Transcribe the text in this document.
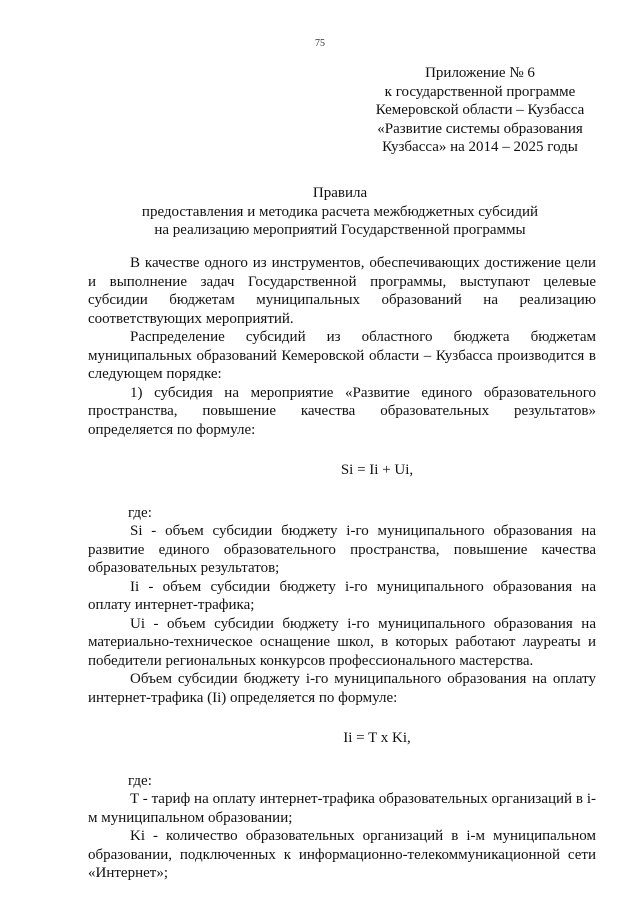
75
Приложение № 6
к государственной программе
Кемеровской области – Кузбасса
«Развитие системы образования
Кузбасса» на 2014 – 2025 годы
Правила
предоставления и методика расчета межбюджетных субсидий
на реализацию мероприятий Государственной программы

В качестве одного из инструментов, обеспечивающих достижение цели и выполнение задач Государственной программы, выступают целевые субсидии бюджетам муниципальных образований на реализацию соответствующих мероприятий.

Распределение субсидий из областного бюджета бюджетам муниципальных образований Кемеровской области – Кузбасса производится в следующем порядке:

1) субсидия на мероприятие «Развитие единого образовательного пространства, повышение качества образовательных результатов» определяется по формуле:

Si = Ii + Ui,

где:

Si - объем субсидии бюджету i-го муниципального образования на развитие единого образовательного пространства, повышение качества образовательных результатов;

Ii - объем субсидии бюджету i-го муниципального образования на оплату интернет-трафика;

Ui - объем субсидии бюджету i-го муниципального образования на материально-техническое оснащение школ, в которых работают лауреаты и победители региональных конкурсов профессионального мастерства.

Объем субсидии бюджету i-го муниципального образования на оплату интернет-трафика (Ii) определяется по формуле:

Ii = T x Ki,

где:

T - тариф на оплату интернет-трафика образовательных организаций в i-м муниципальном образовании;

Ki - количество образовательных организаций в i-м муниципальном образовании, подключенных к информационно-телекоммуникационной сети «Интернет»;
